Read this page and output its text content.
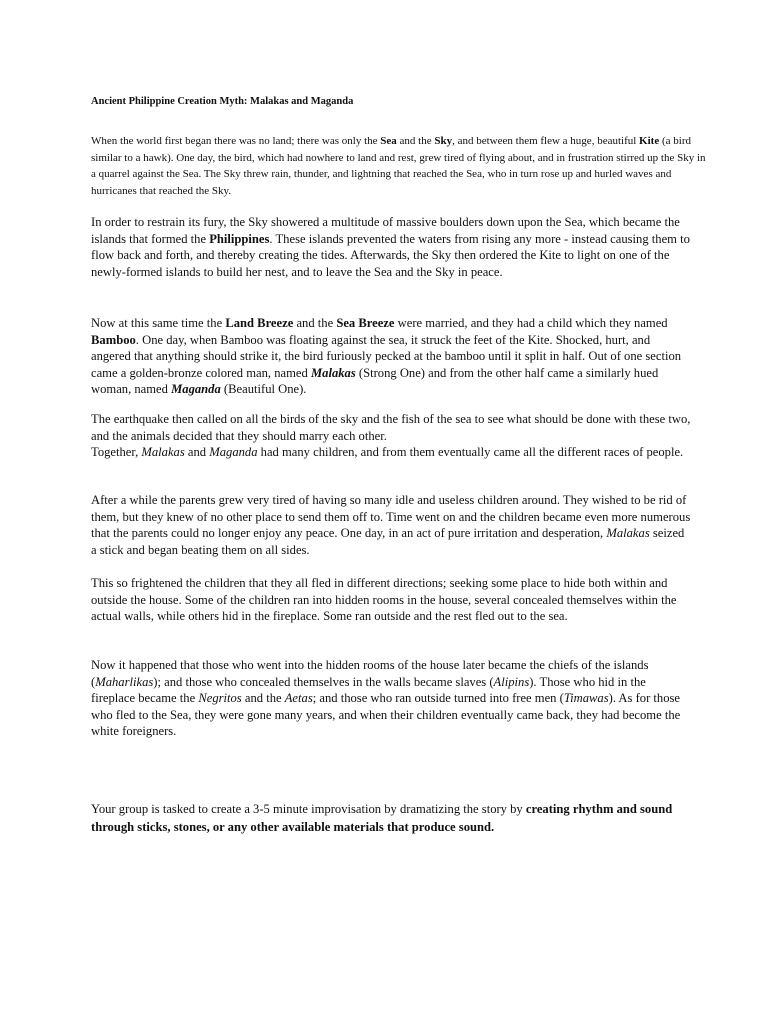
Ancient Philippine Creation Myth: Malakas and Maganda

When the world first began there was no land; there was only the Sea and the Sky, and between them flew a huge, beautiful Kite (a bird similar to a hawk). One day, the bird, which had nowhere to land and rest, grew tired of flying about, and in frustration stirred up the Sky in a quarrel against the Sea. The Sky threw rain, thunder, and lightning that reached the Sea, who in turn rose up and hurled waves and hurricanes that reached the Sky.

In order to restrain its fury, the Sky showered a multitude of massive boulders down upon the Sea, which became the islands that formed the Philippines. These islands prevented the waters from rising any more - instead causing them to flow back and forth, and thereby creating the tides. Afterwards, the Sky then ordered the Kite to light on one of the newly-formed islands to build her nest, and to leave the Sea and the Sky in peace.

Now at this same time the Land Breeze and the Sea Breeze were married, and they had a child which they named Bamboo. One day, when Bamboo was floating against the sea, it struck the feet of the Kite. Shocked, hurt, and angered that anything should strike it, the bird furiously pecked at the bamboo until it split in half. Out of one section came a golden-bronze colored man, named Malakas (Strong One) and from the other half came a similarly hued woman, named Maganda (Beautiful One).

The earthquake then called on all the birds of the sky and the fish of the sea to see what should be done with these two, and the animals decided that they should marry each other.
Together, Malakas and Maganda had many children, and from them eventually came all the different races of people.

After a while the parents grew very tired of having so many idle and useless children around. They wished to be rid of them, but they knew of no other place to send them off to. Time went on and the children became even more numerous that the parents could no longer enjoy any peace. One day, in an act of pure irritation and desperation, Malakas seized a stick and began beating them on all sides.

This so frightened the children that they all fled in different directions; seeking some place to hide both within and outside the house. Some of the children ran into hidden rooms in the house, several concealed themselves within the actual walls, while others hid in the fireplace. Some ran outside and the rest fled out to the sea.

Now it happened that those who went into the hidden rooms of the house later became the chiefs of the islands (Maharlikas); and those who concealed themselves in the walls became slaves (Alipins). Those who hid in the fireplace became the Negritos and the Aetas; and those who ran outside turned into free men (Timawas). As for those who fled to the Sea, they were gone many years, and when their children eventually came back, they had become the white foreigners.

Your group is tasked to create a 3-5 minute improvisation by dramatizing the story by creating rhythm and sound through sticks, stones, or any other available materials that produce sound.
